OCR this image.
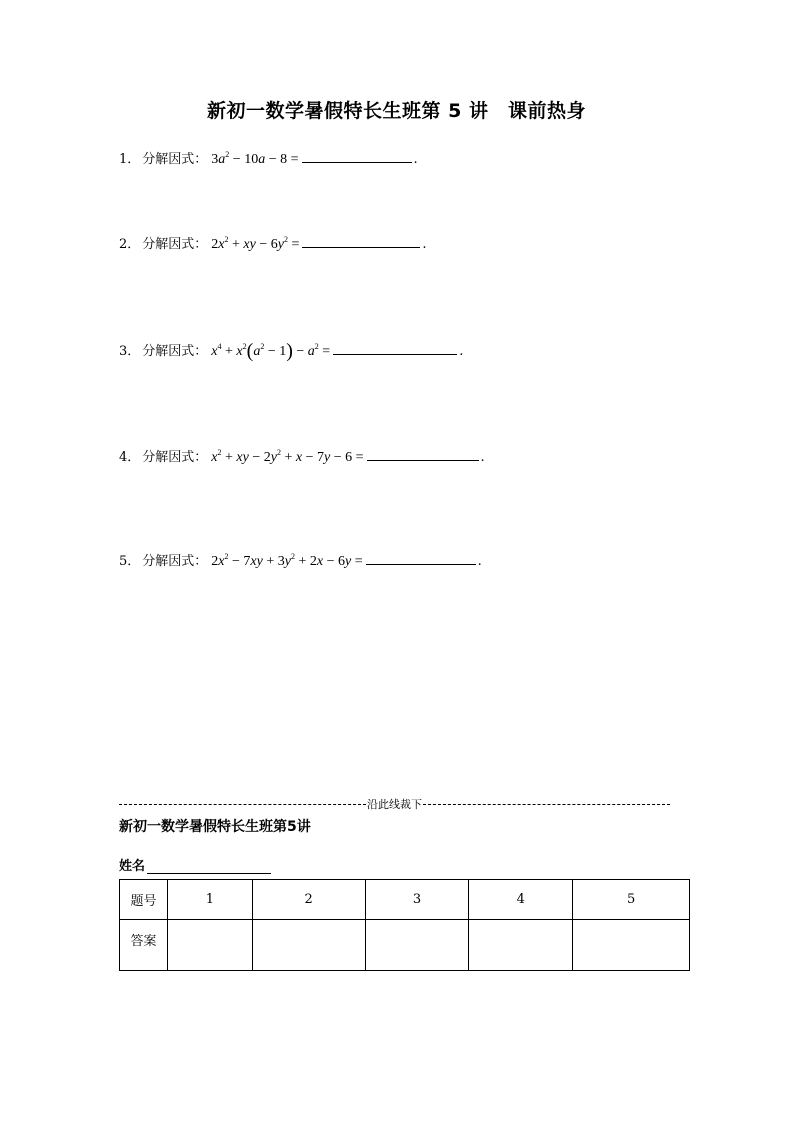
新初一数学暑假特长生班第 5 讲　课前热身
1． 分解因式： $3a^2 - 10a - 8$ =	.
2． 分解因式： $2x^2$ + xy − $6y^2$ =	.
3． 分解因式： $x^4 + x^2(a^2 - 1) - a^2$ =	.
4． 分解因式： $x^2$ + xy − $2y^2 + x - 7y - 6$ =	.
5． 分解因式： $2x^2 - 7xy + 3y^2 + 2x - 6y$ =	.
沿此线裁下
新初一数学暑假特长生班第5讲
姓名
题号	1	2	3	4	5
答案					
